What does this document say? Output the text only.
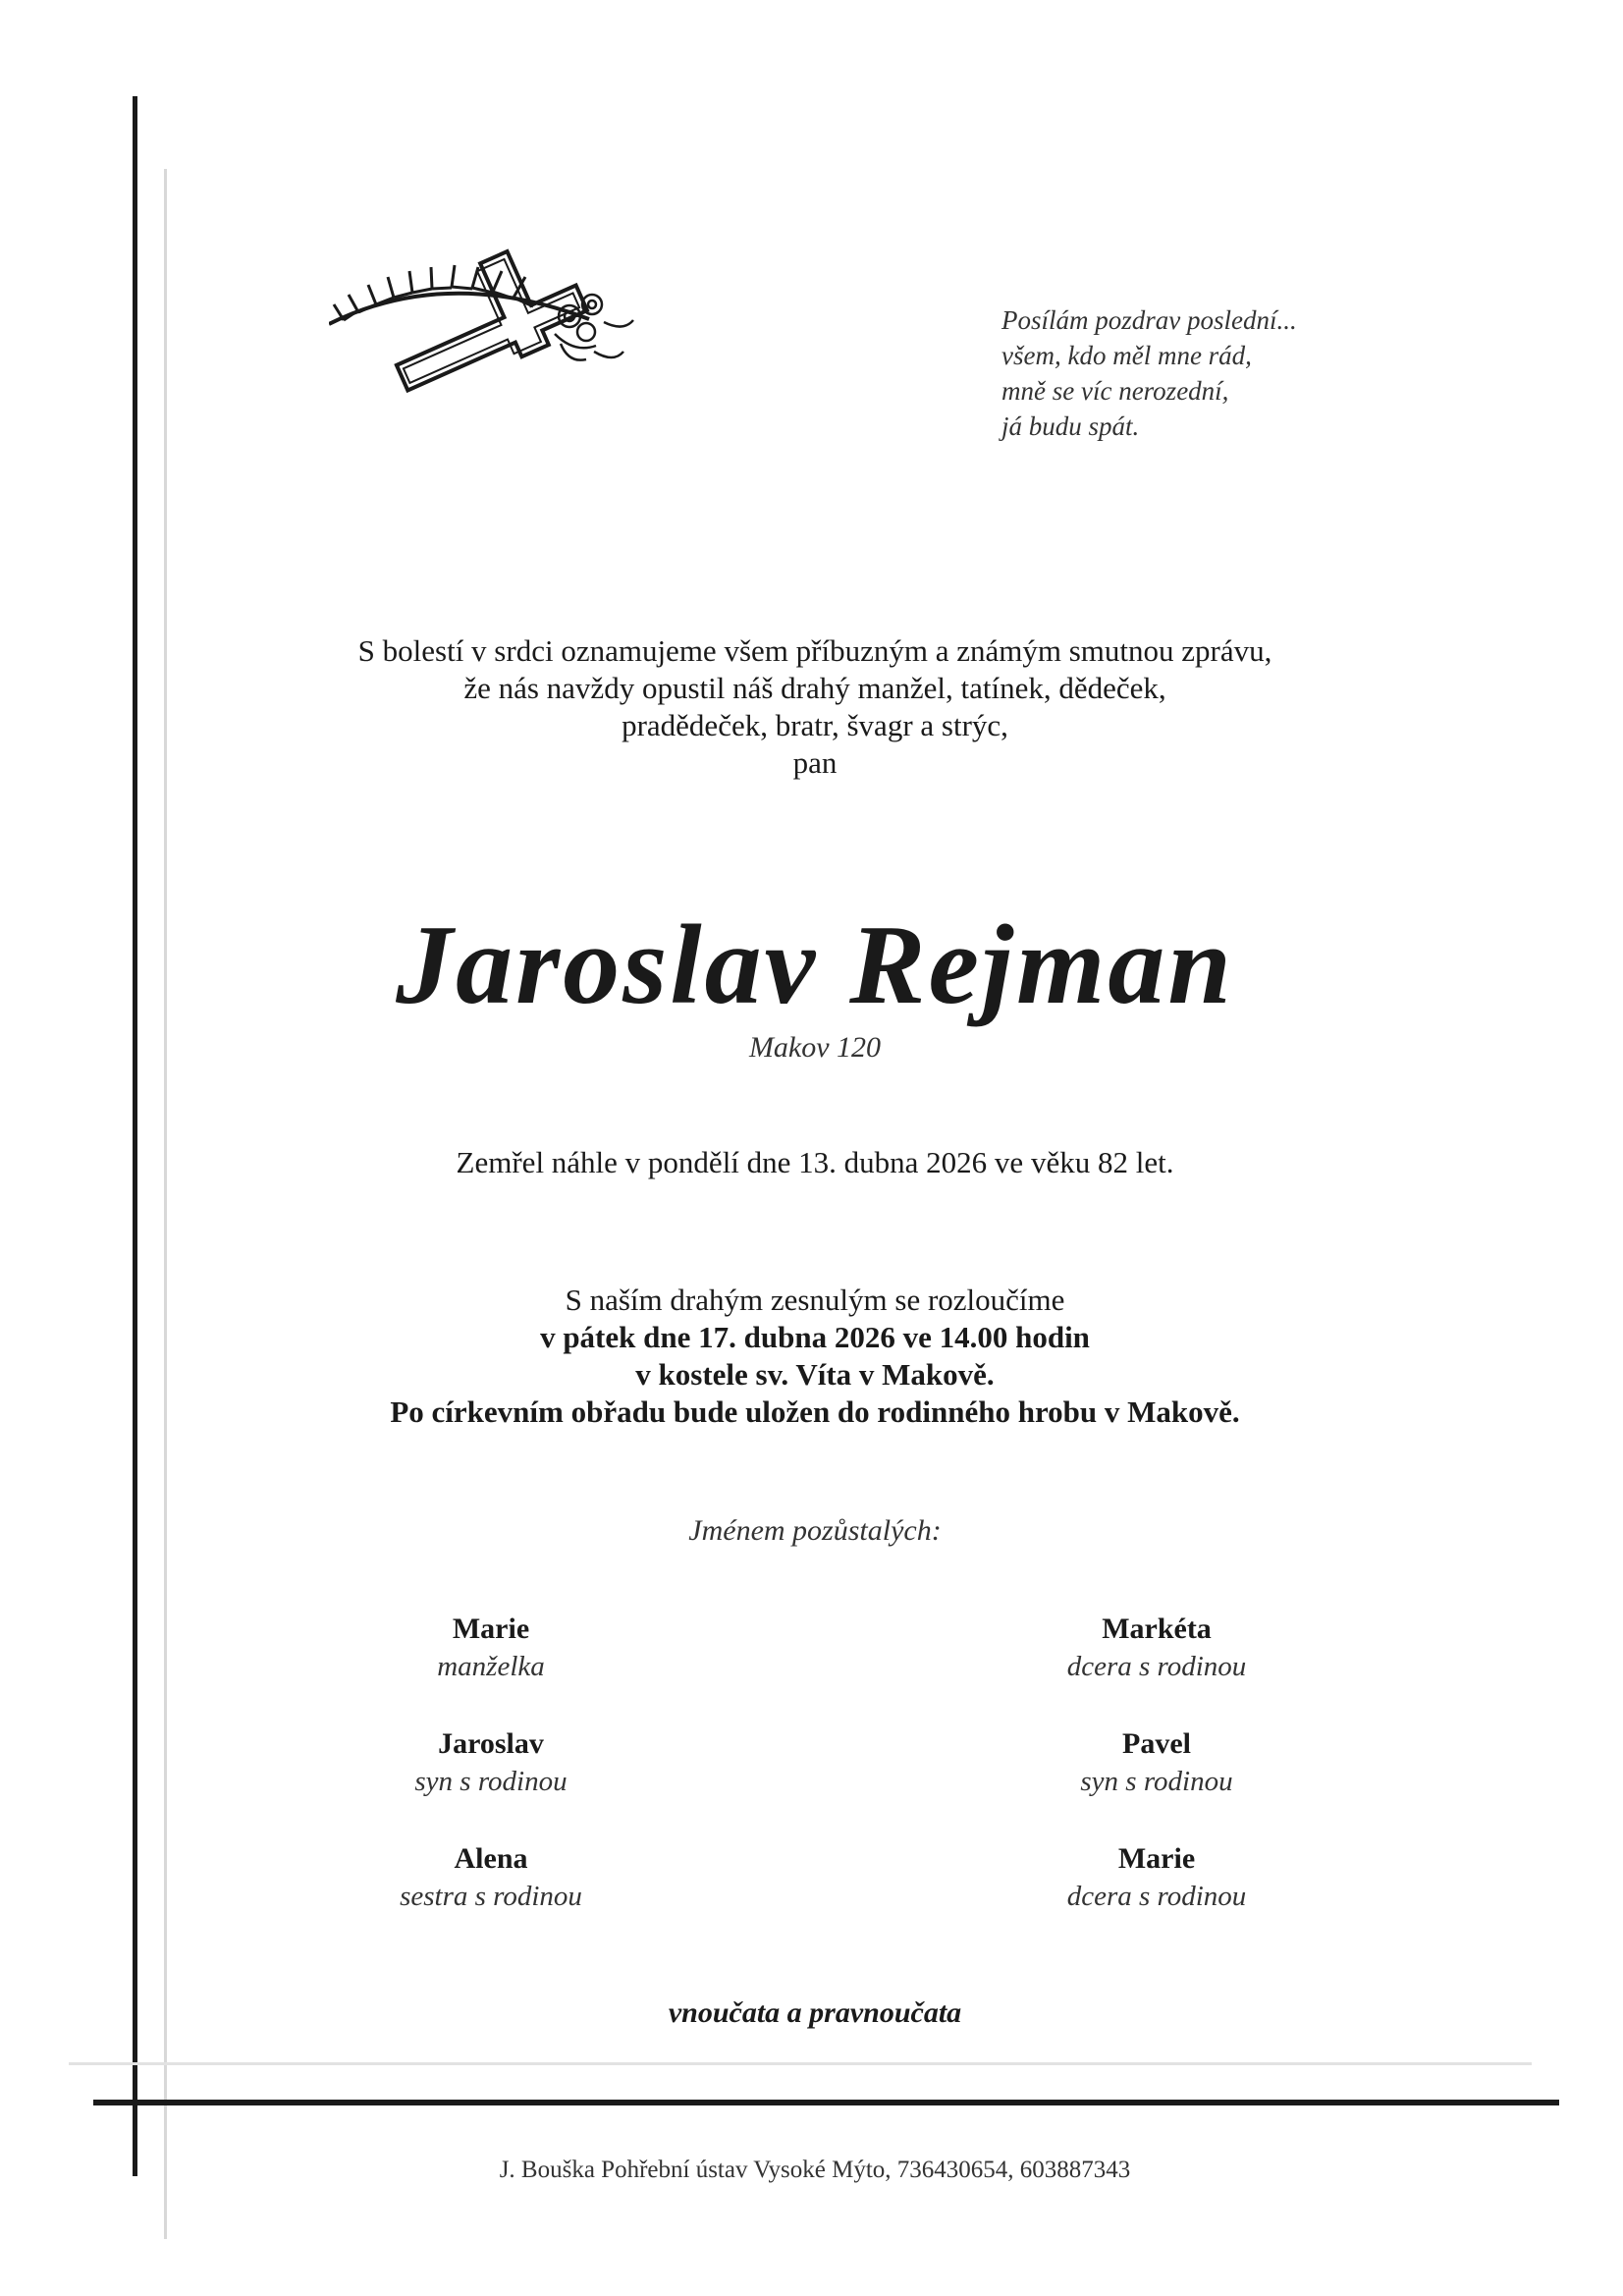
Posílám pozdrav poslední...
všem, kdo měl mne rád,
mně se víc nerozední,
já budu spát.
S bolestí v srdci oznamujeme všem příbuzným a známým smutnou zprávu,
že nás navždy opustil náš drahý manžel, tatínek, dědeček,
pradědeček, bratr, švagr a strýc,
pan
Jaroslav Rejman
Makov 120
Zemřel náhle v pondělí dne 13. dubna 2026 ve věku 82 let.
S naším drahým zesnulým se rozloučíme
v pátek dne 17. dubna 2026 ve 14.00 hodin
v kostele sv. Víta v Makově.
Po církevním obřadu bude uložen do rodinného hrobu v Makově.
Jménem pozůstalých:
Marie
manželka
Jaroslav
syn s rodinou
Alena
sestra s rodinou
Markéta
dcera s rodinou
Pavel
syn s rodinou
Marie
dcera s rodinou
vnoučata a pravnoučata
J. Bouška Pohřební ústav Vysoké Mýto, 736430654, 603887343
